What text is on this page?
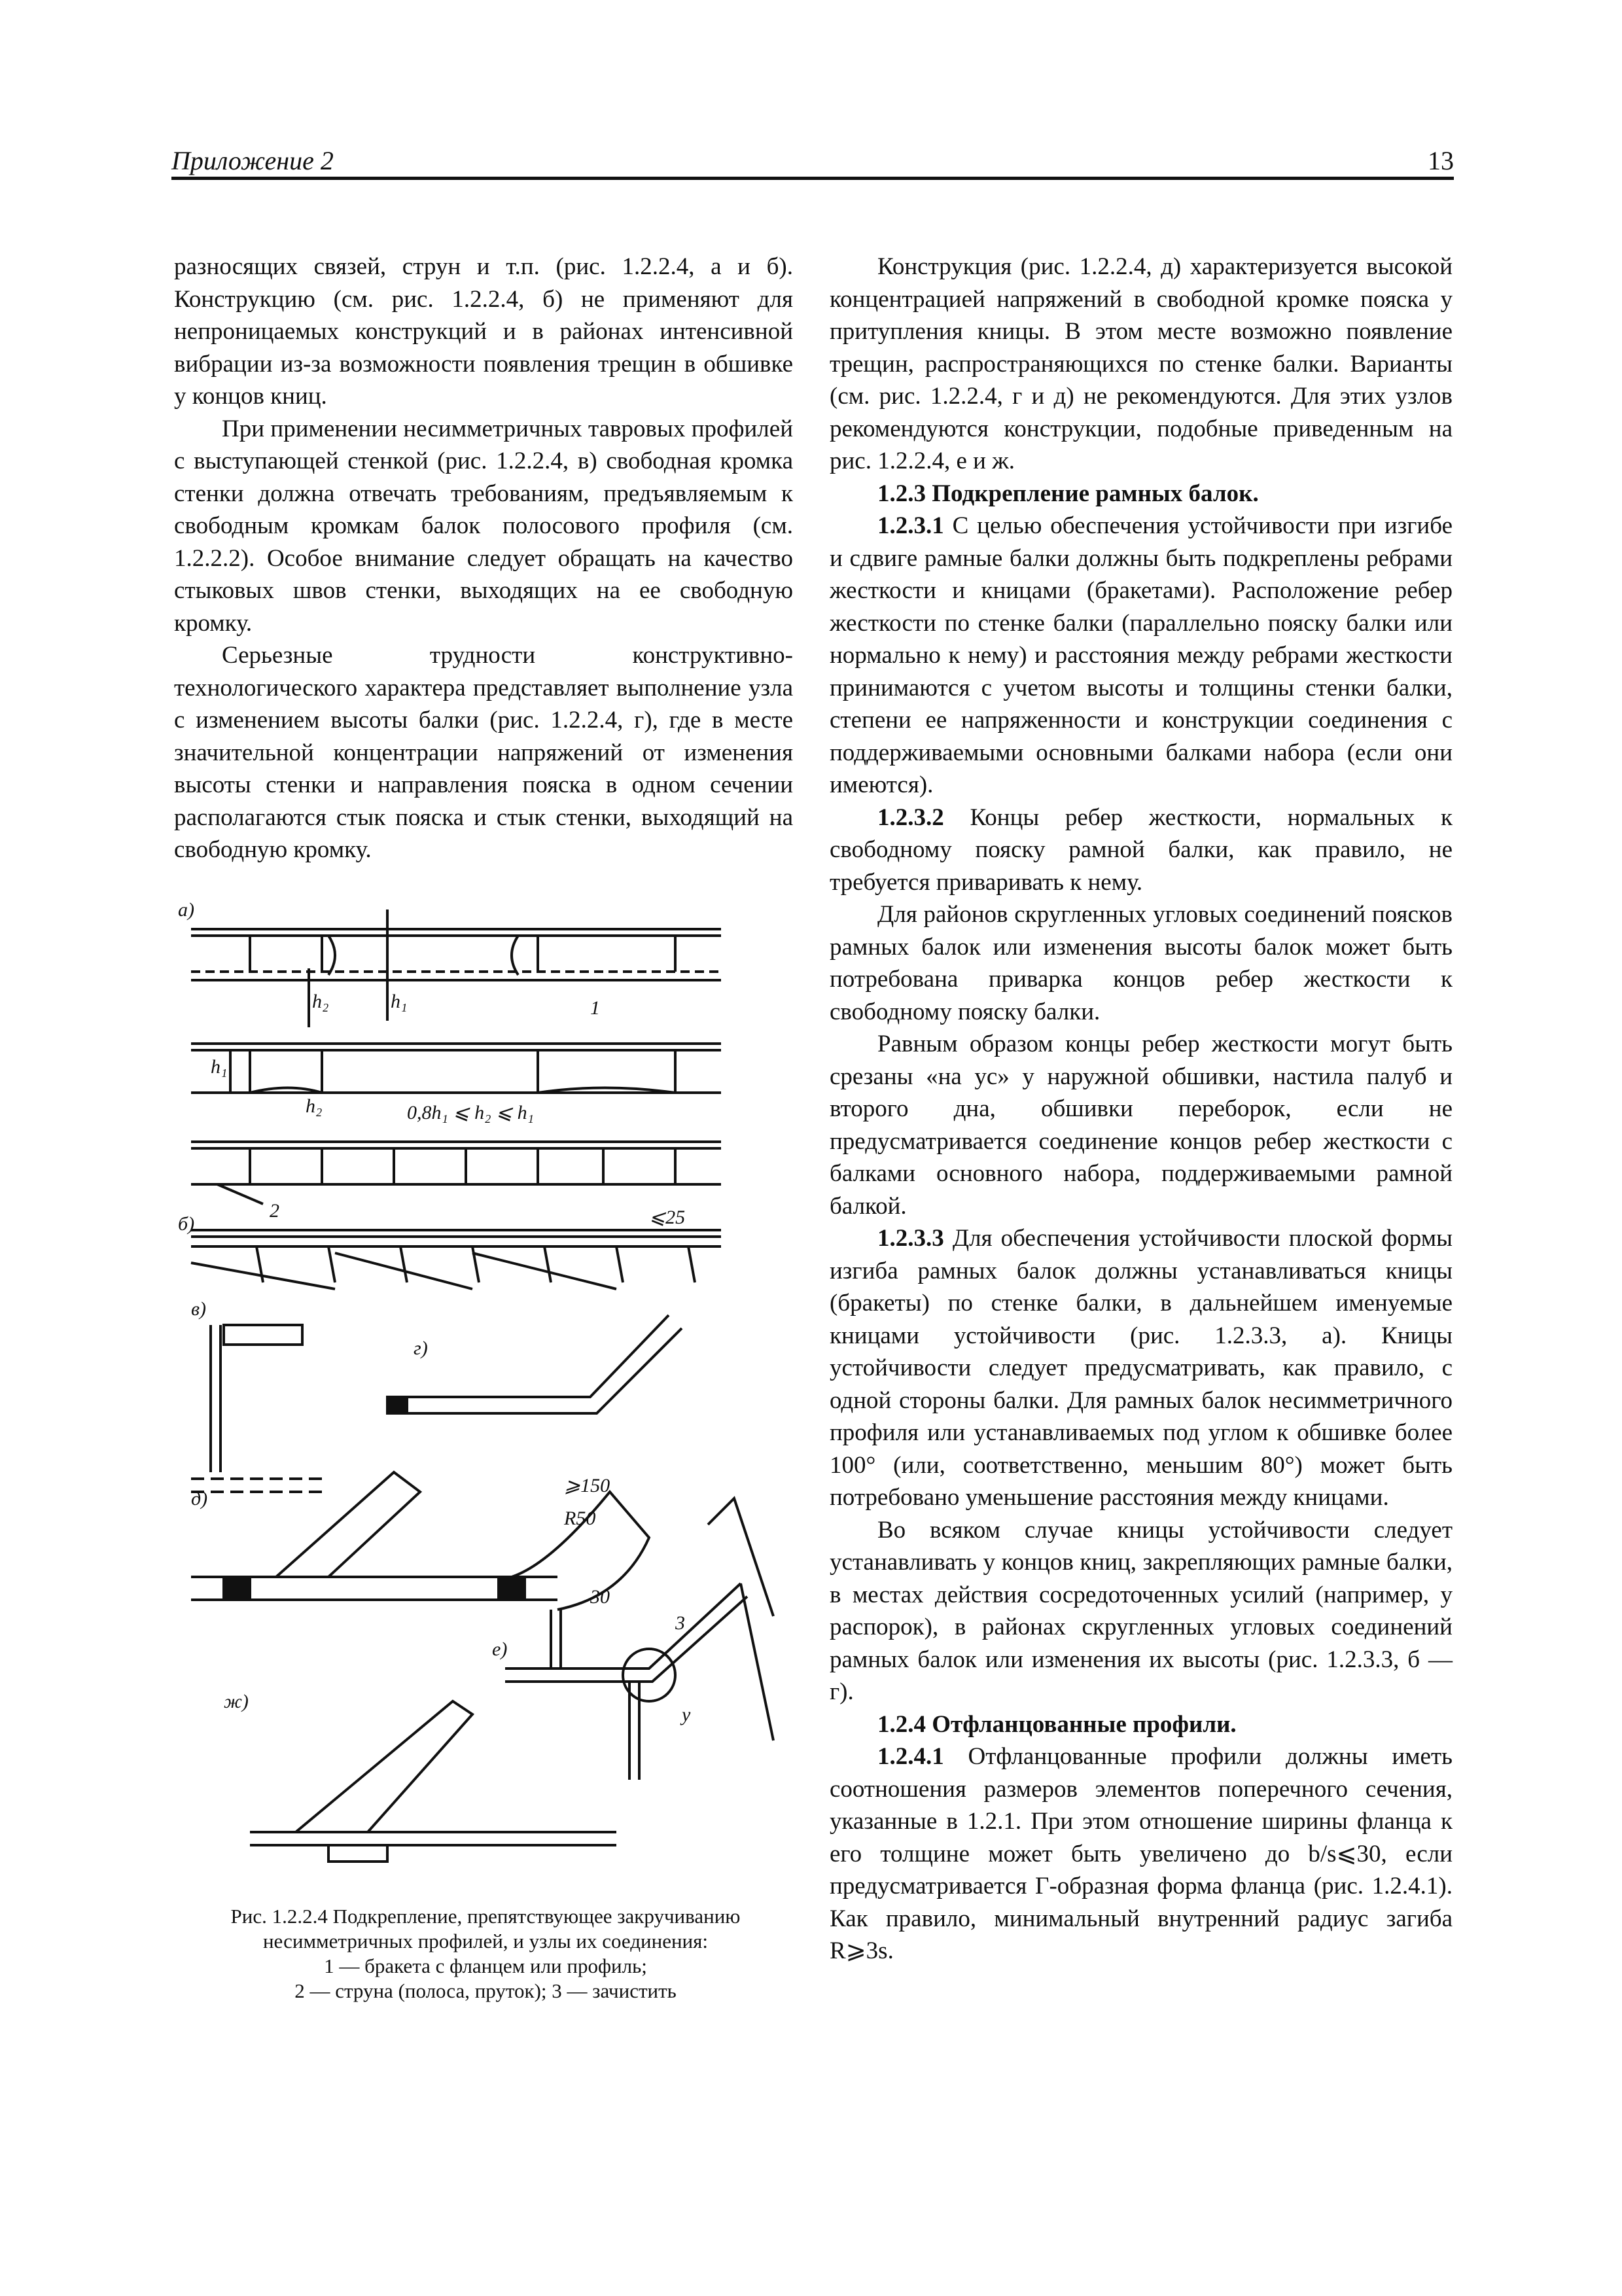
Приложение 2	13

разносящих связей, струн и т.п. (рис. 1.2.2.4, а и б). Конструкцию (см. рис. 1.2.2.4, б) не применяют для непроницаемых конструкций и в районах интенсивной вибрации из-за возможности появления трещин в обшивке у концов книц.

При применении несимметричных тавровых профилей с выступающей стенкой (рис. 1.2.2.4, в) свободная кромка стенки должна отвечать требованиям, предъявляемым к свободным кромкам балок полосового профиля (см. 1.2.2.2). Особое внимание следует обращать на качество стыковых швов стенки, выходящих на ее свободную кромку.

Серьезные трудности конструктивно-технологического характера представляет выполнение узла с изменением высоты балки (рис. 1.2.2.4, г), где в месте значительной концентрации напряжений от изменения высоты стенки и направления пояска в одном сечении располагаются стык пояска и стык стенки, выходящий на свободную кромку.

Конструкция (рис. 1.2.2.4, д) характеризуется высокой концентрацией напряжений в свободной кромке пояска у притупления кницы. В этом месте возможно появление трещин, распространяющихся по стенке балки. Варианты (см. рис. 1.2.2.4, г и д) не рекомендуются. Для этих узлов рекомендуются конструкции, подобные приведенным на рис. 1.2.2.4, е и ж.

1.2.3 Подкрепление рамных балок.

1.2.3.1 С целью обеспечения устойчивости при изгибе и сдвиге рамные балки должны быть подкреплены ребрами жесткости и кницами (бракетами). Расположение ребер жесткости по стенке балки (параллельно пояску балки или нормально к нему) и расстояния между ребрами жесткости принимаются с учетом высоты и толщины стенки балки, степени ее напряженности и конструкции соединения с поддерживаемыми основными балками набора (если они имеются).

1.2.3.2 Концы ребер жесткости, нормальных к свободному пояску рамной балки, как правило, не требуется приваривать к нему.

Для районов скругленных угловых соединений поясков рамных балок или изменения высоты балок может быть потребована приварка концов ребер жесткости к свободному пояску балки.

Равным образом концы ребер жесткости могут быть срезаны «на ус» у наружной обшивки, настила палуб и второго дна, обшивки переборок, если не предусматривается соединение концов ребер жесткости с балками основного набора, поддерживаемыми рамной балкой.

1.2.3.3 Для обеспечения устойчивости плоской формы изгиба рамных балок должны устанавливаться кницы (бракеты) по стенке балки, в дальнейшем именуемые кницами устойчивости (рис. 1.2.3.3, а). Кницы устойчивости следует предусматривать, как правило, с одной стороны балки. Для рамных балок несимметричного профиля или устанавливаемых под углом к обшивке более 100° (или, соответственно, меньшим 80°) может быть потребовано уменьшение расстояния между кницами.

Во всяком случае кницы устойчивости следует устанавливать у концов книц, закрепляющих рамные балки, в местах действия сосредоточенных усилий (например, у распорок), в районах скругленных угловых соединений рамных балок или изменения их высоты (рис. 1.2.3.3, б — г).

1.2.4 Отфланцованные профили.

1.2.4.1 Отфланцованные профили должны иметь соотношения размеров элементов поперечного сечения, указанные в 1.2.1. При этом отношение ширины фланца к его толщине может быть увеличено до b/s⩽30, если предусматривается Г-образная форма фланца (рис. 1.2.4.1). Как правило, минимальный внутренний радиус загиба R⩾3s.

а)
б)
в)
г)
д)
е)
ж)
h₂	h₁
h₁
h₂	0,8h₁ ⩽ h₂ ⩽ h₁
1
2	⩽25
⩾150
R50
30
3
y
Рис. 1.2.2.4 Подкрепление, препятствующее закручиванию
несимметричных профилей, и узлы их соединения:
1 — бракета с фланцем или профиль;
2 — струна (полоса, пруток); 3 — зачистить
